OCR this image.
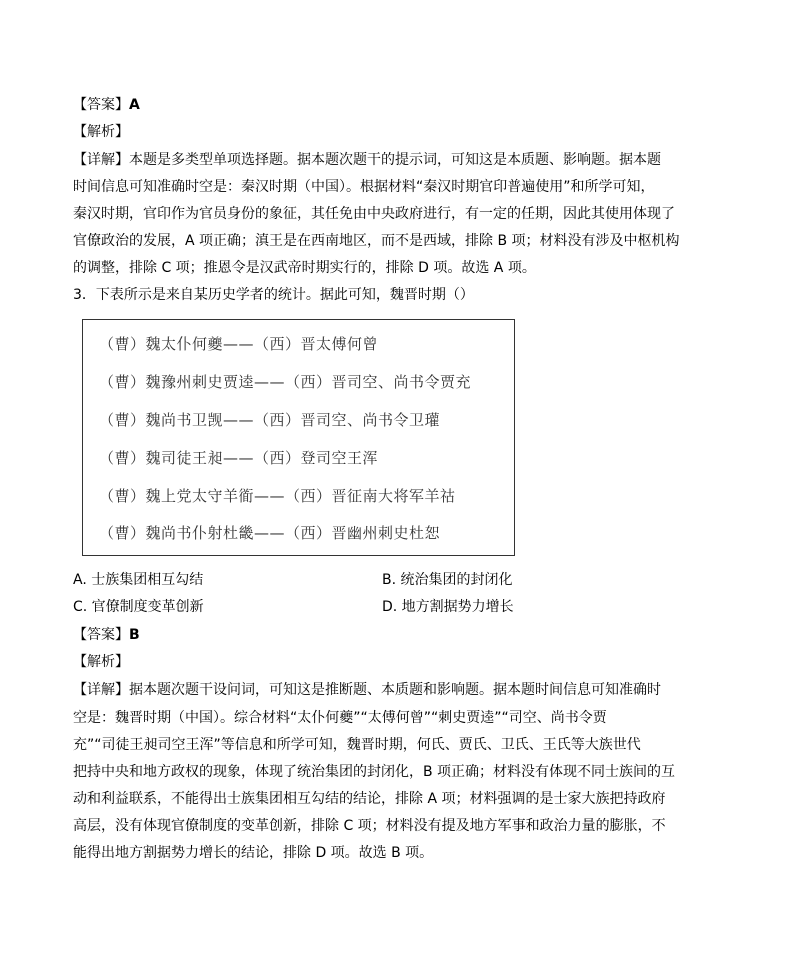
【答案】A
【解析】
【详解】本题是多类型单项选择题。据本题次题干的提示词，可知这是本质题、影响题。据本题
时间信息可知准确时空是：秦汉时期（中国）。根据材料“秦汉时期官印普遍使用”和所学可知，
秦汉时期，官印作为官员身份的象征，其任免由中央政府进行，有一定的任期，因此其使用体现了
官僚政治的发展，A 项正确；滇王是在西南地区，而不是西域，排除 B 项；材料没有涉及中枢机构
的调整，排除 C 项；推恩令是汉武帝时期实行的，排除 D 项。故选 A 项。
3．下表所示是来自某历史学者的统计。据此可知，魏晋时期（）
（曹）魏太仆何夔——（西）晋太傅何曾
（曹）魏豫州刺史贾逵——（西）晋司空、尚书令贾充
（曹）魏尚书卫觊——（西）晋司空、尚书令卫瓘
（曹）魏司徒王昶——（西）登司空王浑
（曹）魏上党太守羊衜——（西）晋征南大将军羊祜
（曹）魏尚书仆射杜畿——（西）晋幽州刺史杜恕
A. 士族集团相互勾结	B. 统治集团的封闭化
C. 官僚制度变革创新	D. 地方割据势力增长
【答案】B
【解析】
【详解】据本题次题干设问词，可知这是推断题、本质题和影响题。据本题时间信息可知准确时
空是：魏晋时期（中国）。综合材料“太仆何夔”“太傅何曾”“刺史贾逵”“司空、尚书令贾
充”“司徒王昶司空王浑”等信息和所学可知，魏晋时期，何氏、贾氏、卫氏、王氏等大族世代
把持中央和地方政权的现象，体现了统治集团的封闭化，B 项正确；材料没有体现不同士族间的互
动和利益联系，不能得出士族集团相互勾结的结论，排除 A 项；材料强调的是士家大族把持政府
高层，没有体现官僚制度的变革创新，排除 C 项；材料没有提及地方军事和政治力量的膨胀，不
能得出地方割据势力增长的结论，排除 D 项。故选 B 项。
